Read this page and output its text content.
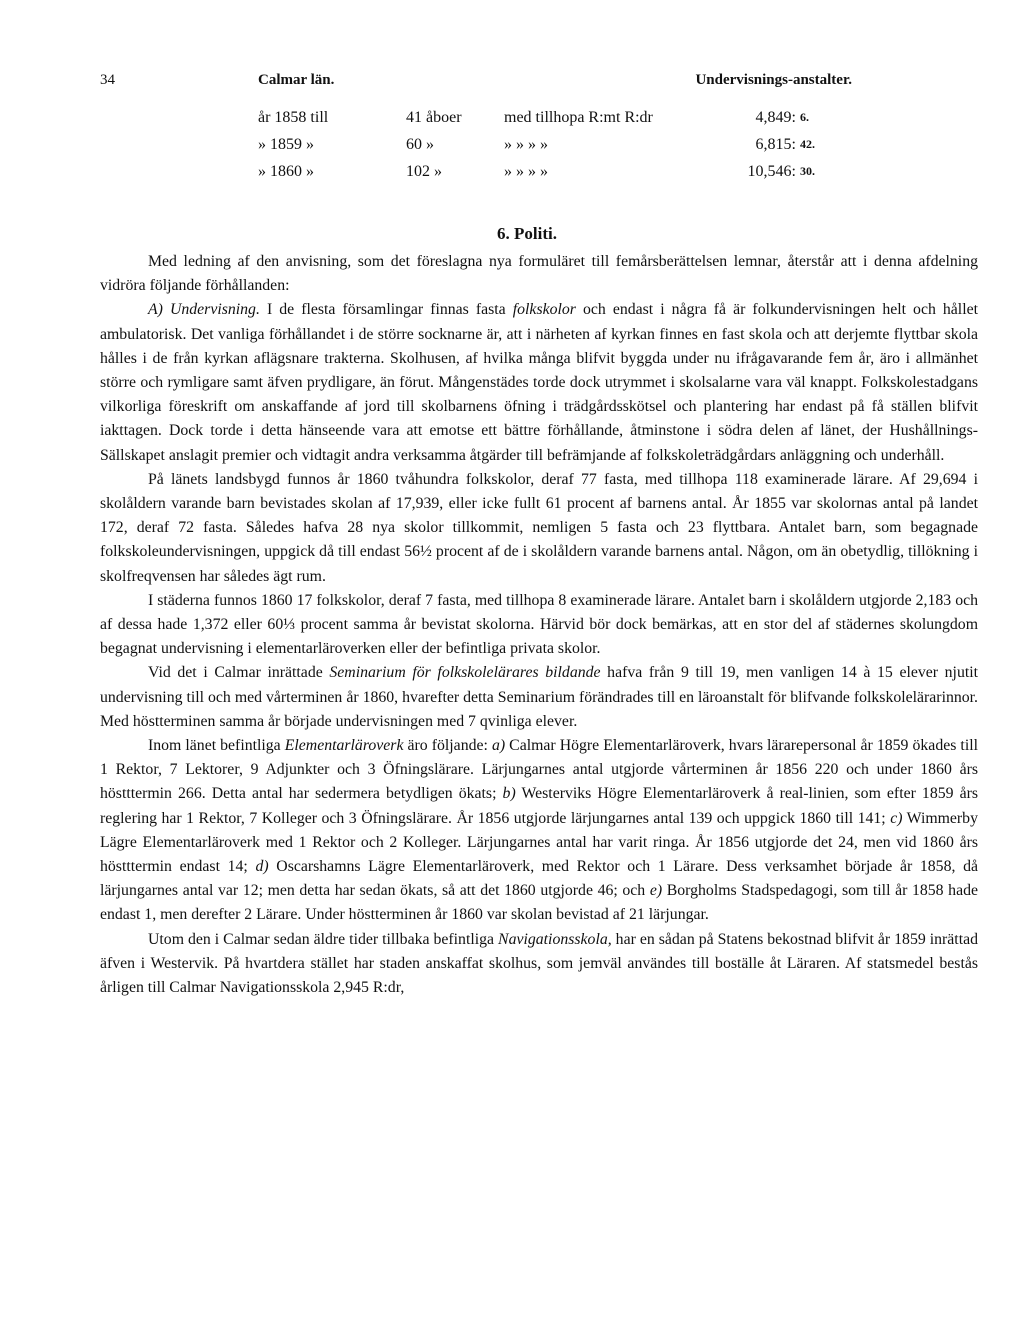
34	Calmar län.	Undervisnings-anstalter.
år 1858 till	41 åboer	med tillhopa R:mt R:dr	4,849: 6.
» 1859 »	60 »	» » » »	6,815: 42.
» 1860 »	102 »	» » » »	10,546: 30.
6. Politi.

Med ledning af den anvisning, som det föreslagna nya formuläret till femårsberättelsen lemnar, återstår att i denna afdelning vidröra följande förhållanden:

A) Undervisning. I de flesta församlingar finnas fasta folkskolor och endast i några få är folkundervisningen helt och hållet ambulatorisk. Det vanliga förhållandet i de större socknarne är, att i närheten af kyrkan finnes en fast skola och att derjemte flyttbar skola hålles i de från kyrkan aflägsnare trakterna. Skolhusen, af hvilka många blifvit byggda under nu ifrågavarande fem år, äro i allmänhet större och rymligare samt äfven prydligare, än förut. Mångenstädes torde dock utrymmet i skolsalarne vara väl knappt. Folkskolestadgans vilkorliga föreskrift om anskaffande af jord till skolbarnens öfning i trädgårdsskötsel och plantering har endast på få ställen blifvit iakttagen. Dock torde i detta hänseende vara att emotse ett bättre förhållande, åtminstone i södra delen af länet, der Hushållnings-Sällskapet anslagit premier och vidtagit andra verksamma åtgärder till befrämjande af folkskoleträdgårdars anläggning och underhåll.

På länets landsbygd funnos år 1860 tvåhundra folkskolor, deraf 77 fasta, med tillhopa 118 examinerade lärare. Af 29,694 i skolåldern varande barn bevistades skolan af 17,939, eller icke fullt 61 procent af barnens antal. År 1855 var skolornas antal på landet 172, deraf 72 fasta. Således hafva 28 nya skolor tillkommit, nemligen 5 fasta och 23 flyttbara. Antalet barn, som begagnade folkskoleundervisningen, uppgick då till endast 56½ procent af de i skolåldern varande barnens antal. Någon, om än obetydlig, tillökning i skolfreqvensen har således ägt rum.

I städerna funnos 1860 17 folkskolor, deraf 7 fasta, med tillhopa 8 examinerade lärare. Antalet barn i skolåldern utgjorde 2,183 och af dessa hade 1,372 eller 60⅓ procent samma år bevistat skolorna. Härvid bör dock bemärkas, att en stor del af städernes skolungdom begagnat undervisning i elementarläroverken eller der befintliga privata skolor.

Vid det i Calmar inrättade Seminarium för folkskolelärares bildande hafva från 9 till 19, men vanligen 14 à 15 elever njutit undervisning till och med vårterminen år 1860, hvarefter detta Seminarium förändrades till en läroanstalt för blifvande folkskolelärarinnor. Med höstterminen samma år började undervisningen med 7 qvinliga elever.

Inom länet befintliga Elementarläroverk äro följande: a) Calmar Högre Elementarläroverk, hvars lärarepersonal år 1859 ökades till 1 Rektor, 7 Lektorer, 9 Adjunkter och 3 Öfningslärare. Lärjungarnes antal utgjorde vårterminen år 1856 220 och under 1860 års höstttermin 266. Detta antal har sedermera betydligen ökats; b) Westerviks Högre Elementarläroverk å real-linien, som efter 1859 års reglering har 1 Rektor, 7 Kolleger och 3 Öfningslärare. År 1856 utgjorde lärjungarnes antal 139 och uppgick 1860 till 141; c) Wimmerby Lägre Elementarläroverk med 1 Rektor och 2 Kolleger. Lärjungarnes antal har varit ringa. År 1856 utgjorde det 24, men vid 1860 års höstttermin endast 14; d) Oscarshamns Lägre Elementarläroverk, med Rektor och 1 Lärare. Dess verksamhet började år 1858, då lärjungarnes antal var 12; men detta har sedan ökats, så att det 1860 utgjorde 46; och e) Borgholms Stadspedagogi, som till år 1858 hade endast 1, men derefter 2 Lärare. Under höstterminen år 1860 var skolan bevistad af 21 lärjungar.

Utom den i Calmar sedan äldre tider tillbaka befintliga Navigationsskola, har en sådan på Statens bekostnad blifvit år 1859 inrättad äfven i Westervik. På hvartdera stället har staden anskaffat skolhus, som jemväl användes till boställe åt Läraren. Af statsmedel bestås årligen till Calmar Navigationsskola 2,945 R:dr,
